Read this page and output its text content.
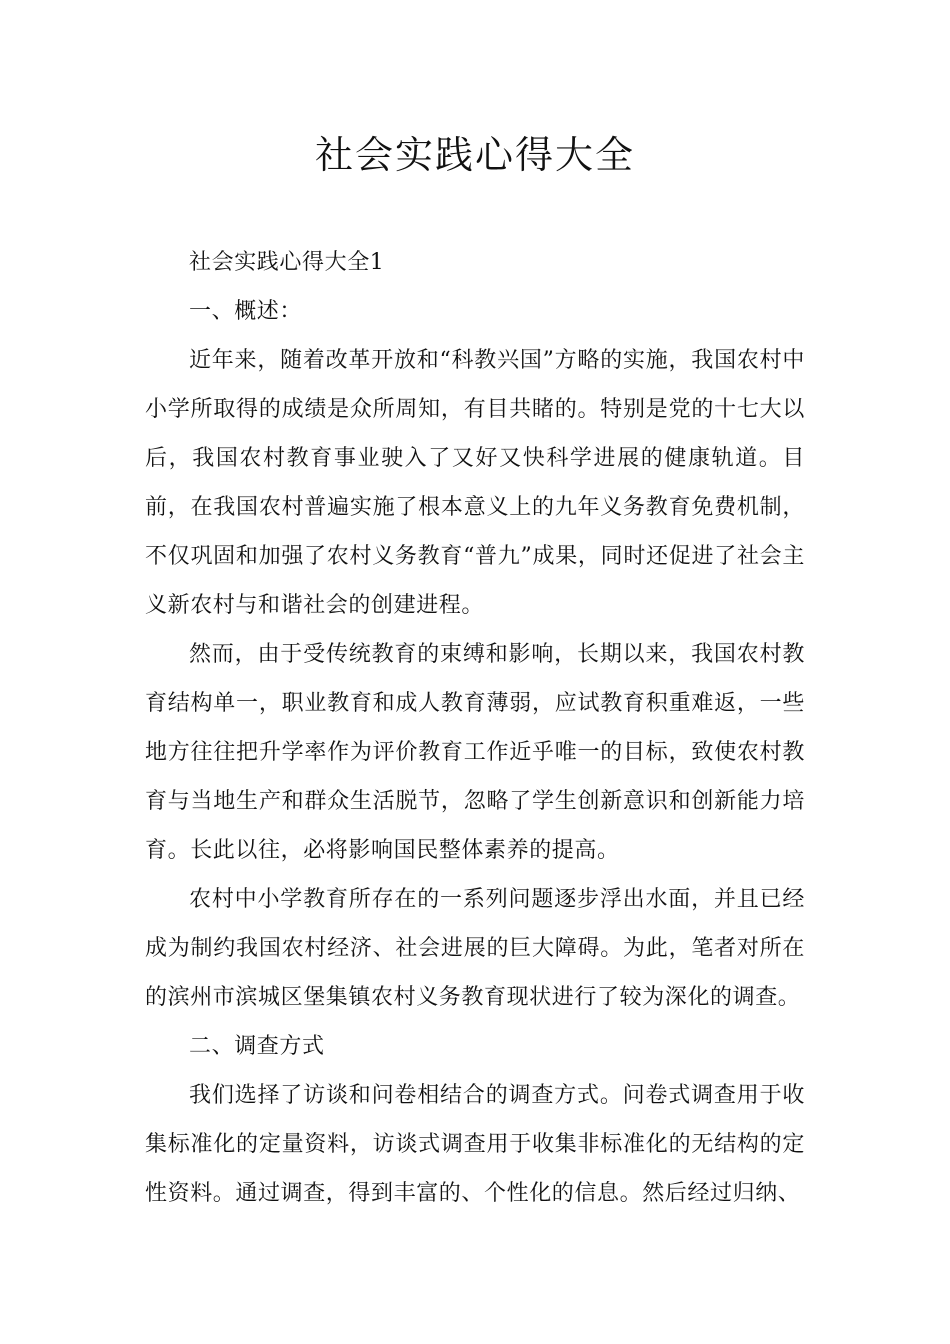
社会实践心得大全

社会实践心得大全1

一、概述：

近年来，随着改革开放和“科教兴国”方略的实施，我国农村中小学所取得的成绩是众所周知，有目共睹的。特别是党的十七大以后，我国农村教育事业驶入了又好又快科学进展的健康轨道。目前，在我国农村普遍实施了根本意义上的九年义务教育免费机制，不仅巩固和加强了农村义务教育“普九”成果，同时还促进了社会主义新农村与和谐社会的创建进程。

然而，由于受传统教育的束缚和影响，长期以来，我国农村教育结构单一，职业教育和成人教育薄弱，应试教育积重难返，一些地方往往把升学率作为评价教育工作近乎唯一的目标，致使农村教育与当地生产和群众生活脱节，忽略了学生创新意识和创新能力培育。长此以往，必将影响国民整体素养的提高。

农村中小学教育所存在的一系列问题逐步浮出水面，并且已经成为制约我国农村经济、社会进展的巨大障碍。为此，笔者对所在的滨州市滨城区堡集镇农村义务教育现状进行了较为深化的调查。

二、调查方式

我们选择了访谈和问卷相结合的调查方式。问卷式调查用于收集标准化的定量资料，访谈式调查用于收集非标准化的无结构的定性资料。通过调查，得到丰富的、个性化的信息。然后经过归纳、
